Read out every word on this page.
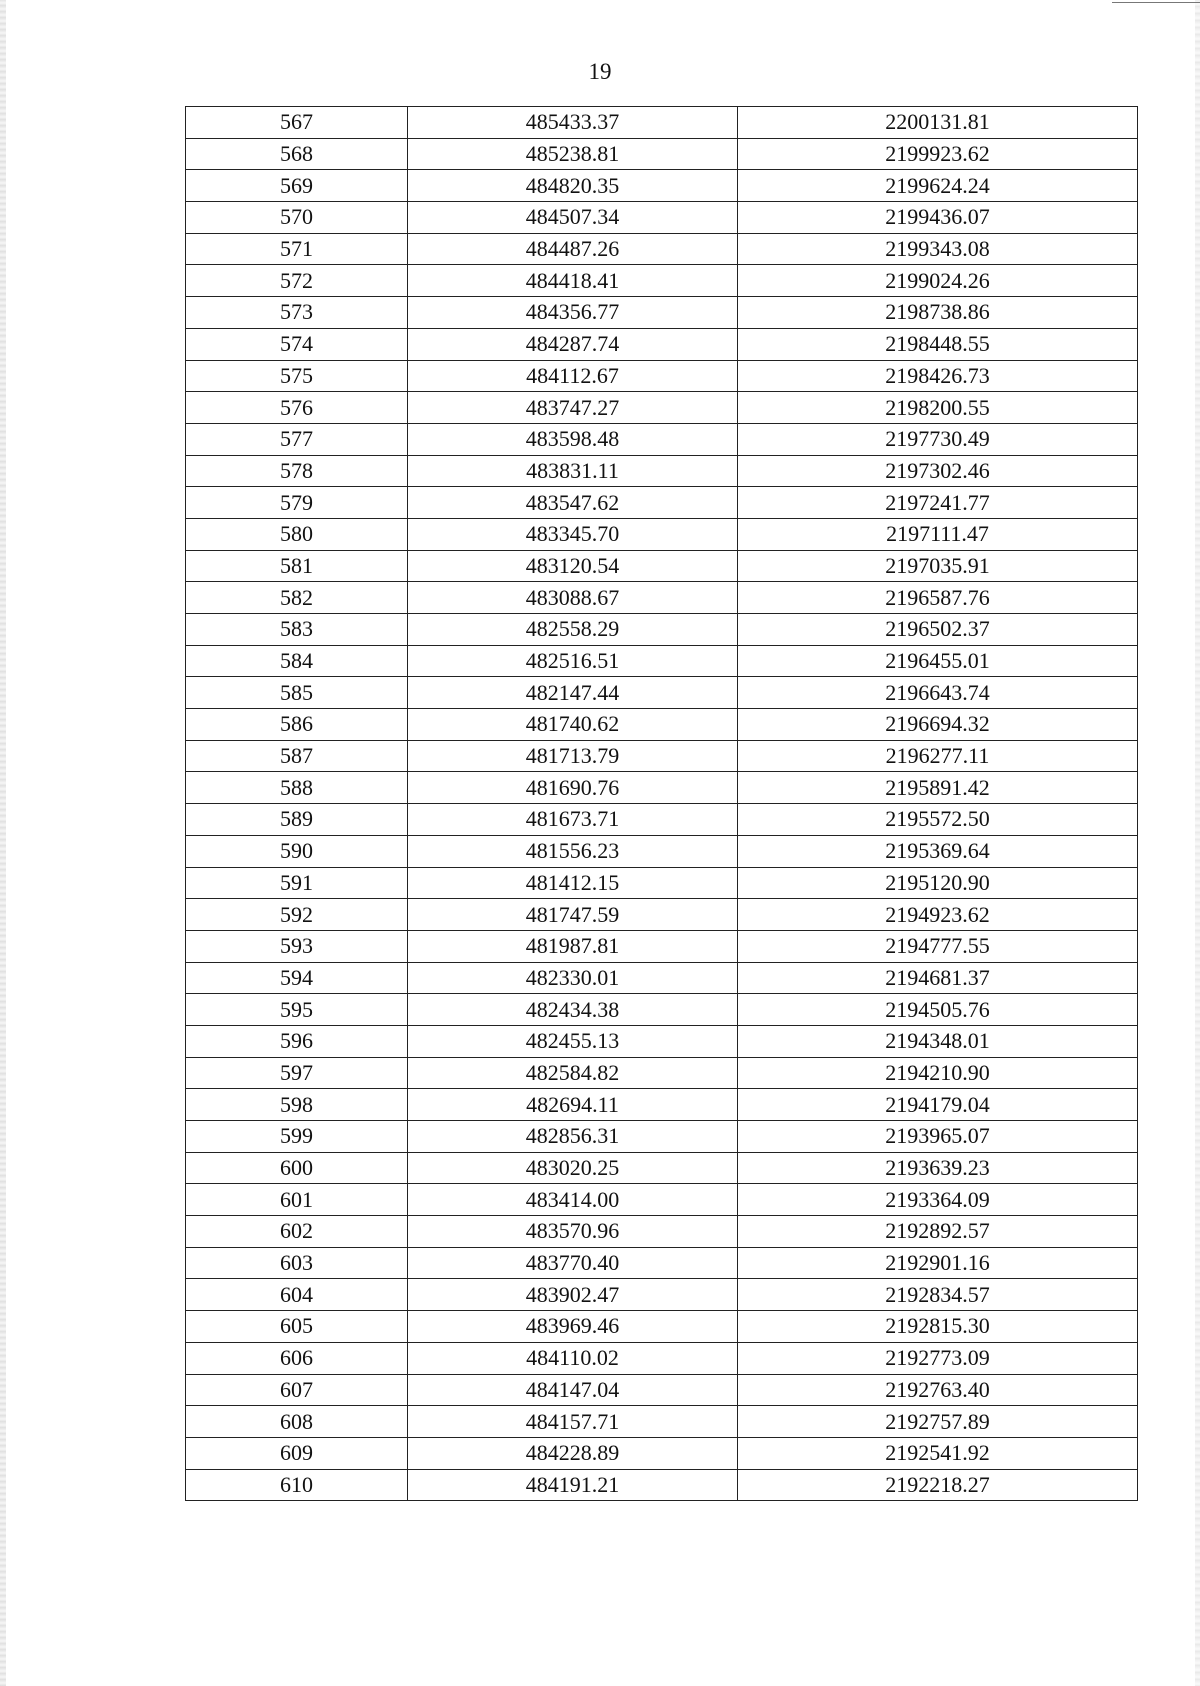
19
567	485433.37	2200131.81
568	485238.81	2199923.62
569	484820.35	2199624.24
570	484507.34	2199436.07
571	484487.26	2199343.08
572	484418.41	2199024.26
573	484356.77	2198738.86
574	484287.74	2198448.55
575	484112.67	2198426.73
576	483747.27	2198200.55
577	483598.48	2197730.49
578	483831.11	2197302.46
579	483547.62	2197241.77
580	483345.70	2197111.47
581	483120.54	2197035.91
582	483088.67	2196587.76
583	482558.29	2196502.37
584	482516.51	2196455.01
585	482147.44	2196643.74
586	481740.62	2196694.32
587	481713.79	2196277.11
588	481690.76	2195891.42
589	481673.71	2195572.50
590	481556.23	2195369.64
591	481412.15	2195120.90
592	481747.59	2194923.62
593	481987.81	2194777.55
594	482330.01	2194681.37
595	482434.38	2194505.76
596	482455.13	2194348.01
597	482584.82	2194210.90
598	482694.11	2194179.04
599	482856.31	2193965.07
600	483020.25	2193639.23
601	483414.00	2193364.09
602	483570.96	2192892.57
603	483770.40	2192901.16
604	483902.47	2192834.57
605	483969.46	2192815.30
606	484110.02	2192773.09
607	484147.04	2192763.40
608	484157.71	2192757.89
609	484228.89	2192541.92
610	484191.21	2192218.27
